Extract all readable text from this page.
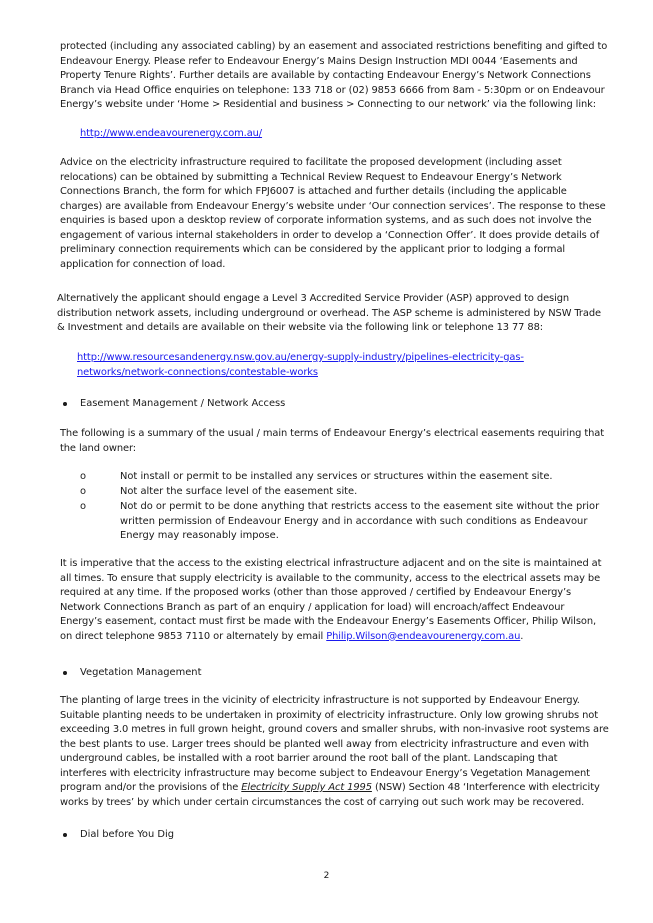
protected (including any associated cabling) by an easement and associated restrictions benefiting and gifted to
Endeavour Energy. Please refer to Endeavour Energy’s Mains Design Instruction MDI 0044 ‘Easements and
Property Tenure Rights’. Further details are available by contacting Endeavour Energy’s Network Connections
Branch via Head Office enquiries on telephone: 133 718 or (02) 9853 6666 from 8am - 5:30pm or on Endeavour
Energy’s website under ‘Home > Residential and business > Connecting to our network’ via the following link:
http://www.endeavourenergy.com.au/
Advice on the electricity infrastructure required to facilitate the proposed development (including asset
relocations) can be obtained by submitting a Technical Review Request to Endeavour Energy’s Network
Connections Branch, the form for which FPJ6007 is attached and further details (including the applicable
charges) are available from Endeavour Energy’s website under ‘Our connection services’. The response to these
enquiries is based upon a desktop review of corporate information systems, and as such does not involve the
engagement of various internal stakeholders in order to develop a ‘Connection Offer’. It does provide details of
preliminary connection requirements which can be considered by the applicant prior to lodging a formal
application for connection of load.
Alternatively the applicant should engage a Level 3 Accredited Service Provider (ASP) approved to design
distribution network assets, including underground or overhead. The ASP scheme is administered by NSW Trade
& Investment and details are available on their website via the following link or telephone 13 77 88:
http://www.resourcesandenergy.nsw.gov.au/energy-supply-industry/pipelines-electricity-gas-
networks/network-connections/contestable-works
Easement Management / Network Access
The following is a summary of the usual / main terms of Endeavour Energy’s electrical easements requiring that
the land owner:
o	Not install or permit to be installed any services or structures within the easement site.
o	Not alter the surface level of the easement site.
o	Not do or permit to be done anything that restricts access to the easement site without the prior
written permission of Endeavour Energy and in accordance with such conditions as Endeavour
Energy may reasonably impose.
It is imperative that the access to the existing electrical infrastructure adjacent and on the site is maintained at
all times. To ensure that supply electricity is available to the community, access to the electrical assets may be
required at any time. If the proposed works (other than those approved / certified by Endeavour Energy’s
Network Connections Branch as part of an enquiry / application for load) will encroach/affect Endeavour
Energy’s easement, contact must first be made with the Endeavour Energy’s Easements Officer, Philip Wilson,
on direct telephone 9853 7110 or alternately by email Philip.Wilson@endeavourenergy.com.au.
Vegetation Management
The planting of large trees in the vicinity of electricity infrastructure is not supported by Endeavour Energy.
Suitable planting needs to be undertaken in proximity of electricity infrastructure. Only low growing shrubs not
exceeding 3.0 metres in full grown height, ground covers and smaller shrubs, with non-invasive root systems are
the best plants to use. Larger trees should be planted well away from electricity infrastructure and even with
underground cables, be installed with a root barrier around the root ball of the plant. Landscaping that
interferes with electricity infrastructure may become subject to Endeavour Energy’s Vegetation Management
program and/or the provisions of the Electricity Supply Act 1995 (NSW) Section 48 ‘Interference with electricity
works by trees’ by which under certain circumstances the cost of carrying out such work may be recovered.
Dial before You Dig
2
